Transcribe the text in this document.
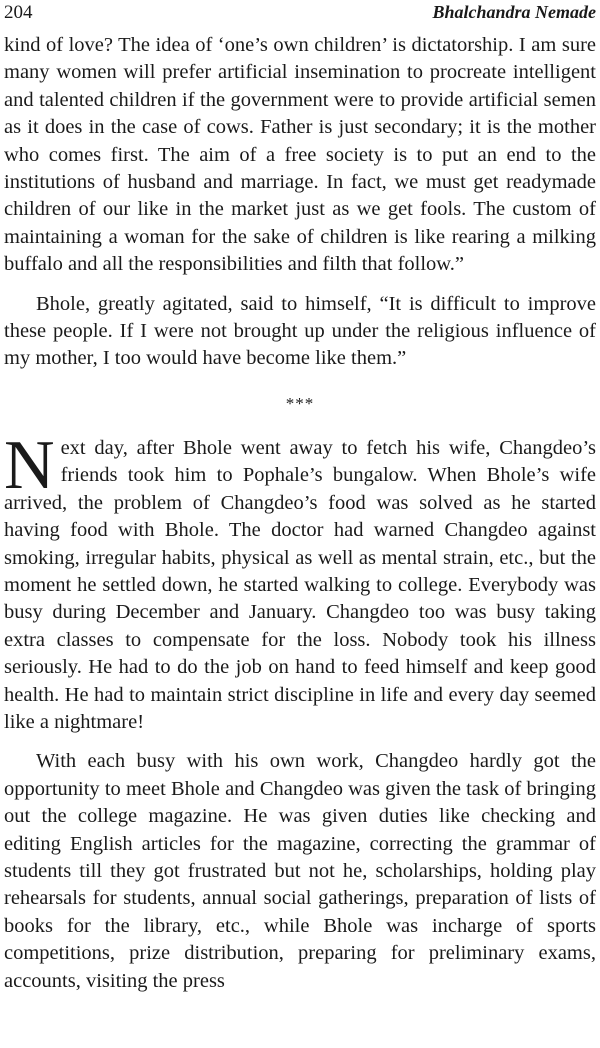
204	Bhalchandra Nemade

kind of love? The idea of ‘one’s own children’ is dictatorship. I am sure many women will prefer artificial insemination to procreate intelligent and talented children if the government were to provide artificial semen as it does in the case of cows. Father is just secondary; it is the mother who comes first. The aim of a free society is to put an end to the institutions of husband and marriage. In fact, we must get readymade children of our like in the market just as we get fools. The custom of maintaining a woman for the sake of children is like rearing a milking buffalo and all the responsibilities and filth that follow.”

Bhole, greatly agitated, said to himself, “It is difficult to improve these people. If I were not brought up under the religious influence of my mother, I too would have become like them.”

***

Next day, after Bhole went away to fetch his wife, Changdeo’s friends took him to Pophale’s bungalow. When Bhole’s wife arrived, the problem of Changdeo’s food was solved as he started having food with Bhole. The doctor had warned Changdeo against smoking, irregular habits, physical as well as mental strain, etc., but the moment he settled down, he started walking to college. Everybody was busy during December and January. Changdeo too was busy taking extra classes to compensate for the loss. Nobody took his illness seriously. He had to do the job on hand to feed himself and keep good health. He had to maintain strict discipline in life and every day seemed like a nightmare!

With each busy with his own work, Changdeo hardly got the opportunity to meet Bhole and Changdeo was given the task of bringing out the college magazine. He was given duties like checking and editing English articles for the magazine, correcting the grammar of students till they got frustrated but not he, scholarships, holding play rehearsals for students, annual social gatherings, preparation of lists of books for the library, etc., while Bhole was incharge of sports competitions, prize distribution, preparing for preliminary exams, accounts, visiting the press
